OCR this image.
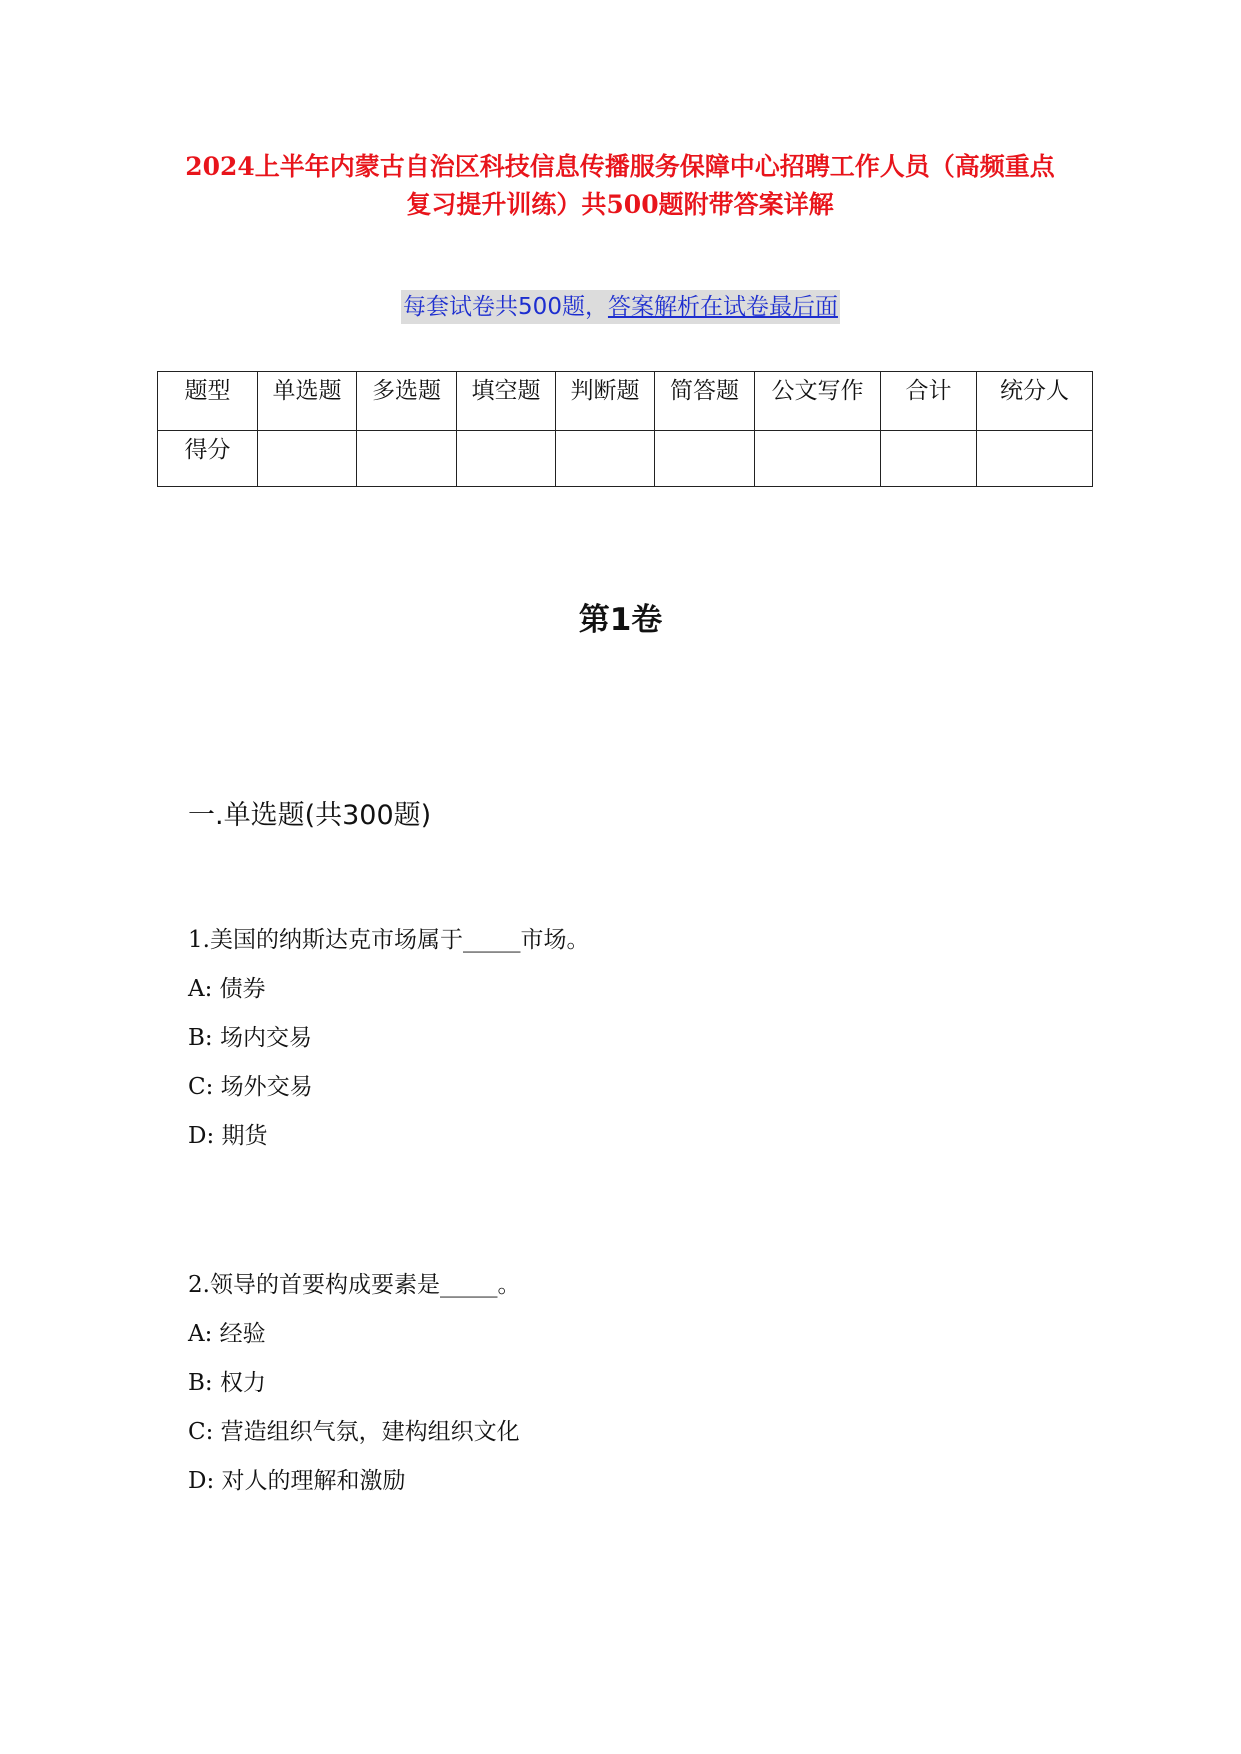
2024上半年内蒙古自治区科技信息传播服务保障中心招聘工作人员（高频重点
复习提升训练）共500题附带答案详解
每套试卷共500题，答案解析在试卷最后面
题型	单选题	多选题	填空题	判断题	简答题	公文写作	合计	统分人
得分								
第1卷
一.单选题(共300题)

1.美国的纳斯达克市场属于_____市场。

A: 债券

B: 场内交易

C: 场外交易

D: 期货

2.领导的首要构成要素是_____。

A: 经验

B: 权力

C: 营造组织气氛，建构组织文化

D: 对人的理解和激励
